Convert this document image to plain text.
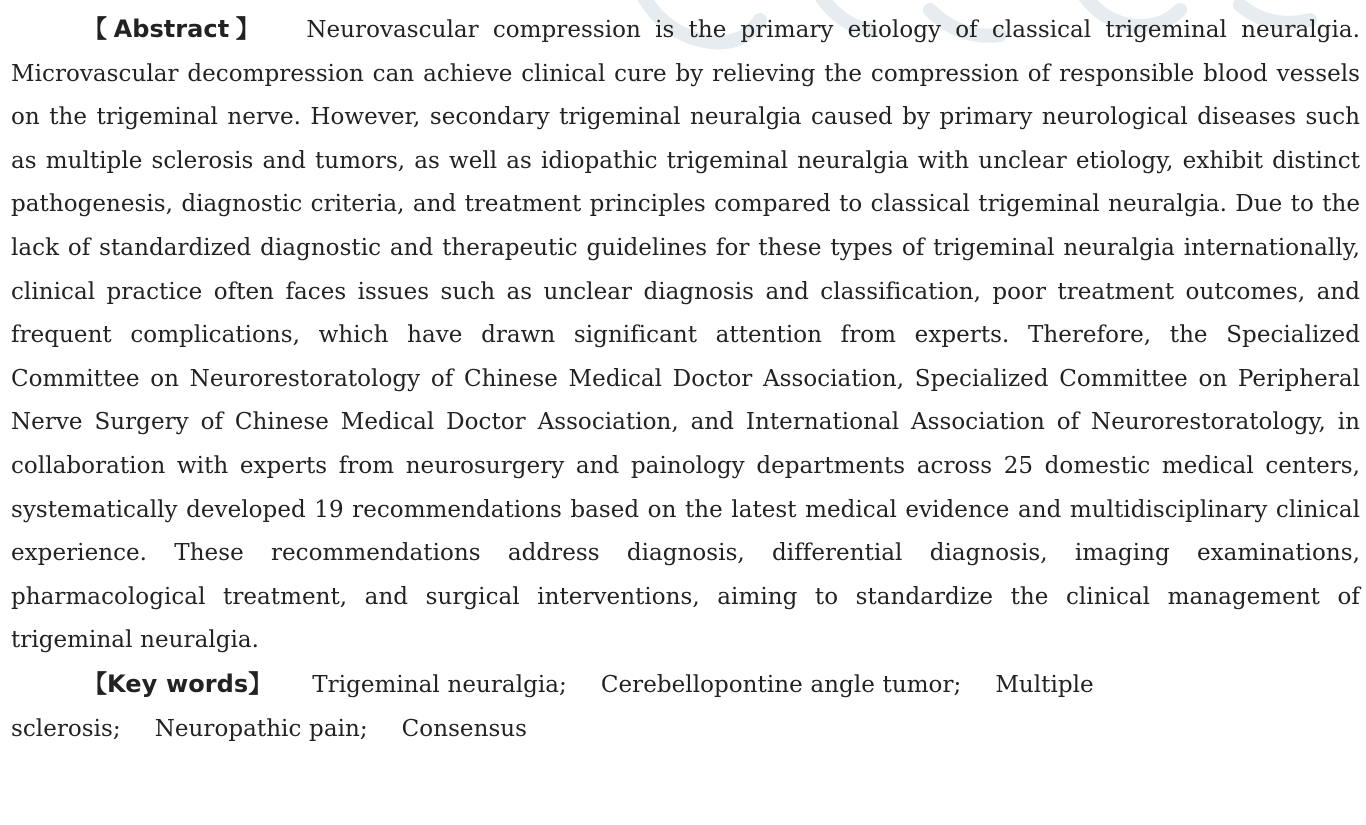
【Abstract】 Neurovascular compression is the primary etiology of classical trigeminal neuralgia. Microvascular decompression can achieve clinical cure by relieving the compression of responsible blood vessels on the trigeminal nerve. However, secondary trigeminal neuralgia caused by primary neurological diseases such as multiple sclerosis and tumors, as well as idiopathic trigeminal neuralgia with unclear etiology, exhibit distinct pathogenesis, diagnostic criteria, and treatment principles compared to classical trigeminal neuralgia. Due to the lack of standardized diagnostic and therapeutic guidelines for these types of trigeminal neuralgia internationally, clinical practice often faces issues such as unclear diagnosis and classification, poor treatment outcomes, and frequent complications, which have drawn significant attention from experts. Therefore, the Specialized Committee on Neurorestoratology of Chinese Medical Doctor Association, Specialized Committee on Peripheral Nerve Surgery of Chinese Medical Doctor Association, and International Association of Neurorestoratology, in collaboration with experts from neurosurgery and painology departments across 25 domestic medical centers, systematically developed 19 recommendations based on the latest medical evidence and multidisciplinary clinical experience. These recommendations address diagnosis, differential diagnosis, imaging examinations, pharmacological treatment, and surgical interventions, aiming to standardize the clinical management of trigeminal neuralgia.

【Key words】 Trigeminal neuralgia; Cerebellopontine angle tumor; Multiple sclerosis; Neuropathic pain; Consensus
